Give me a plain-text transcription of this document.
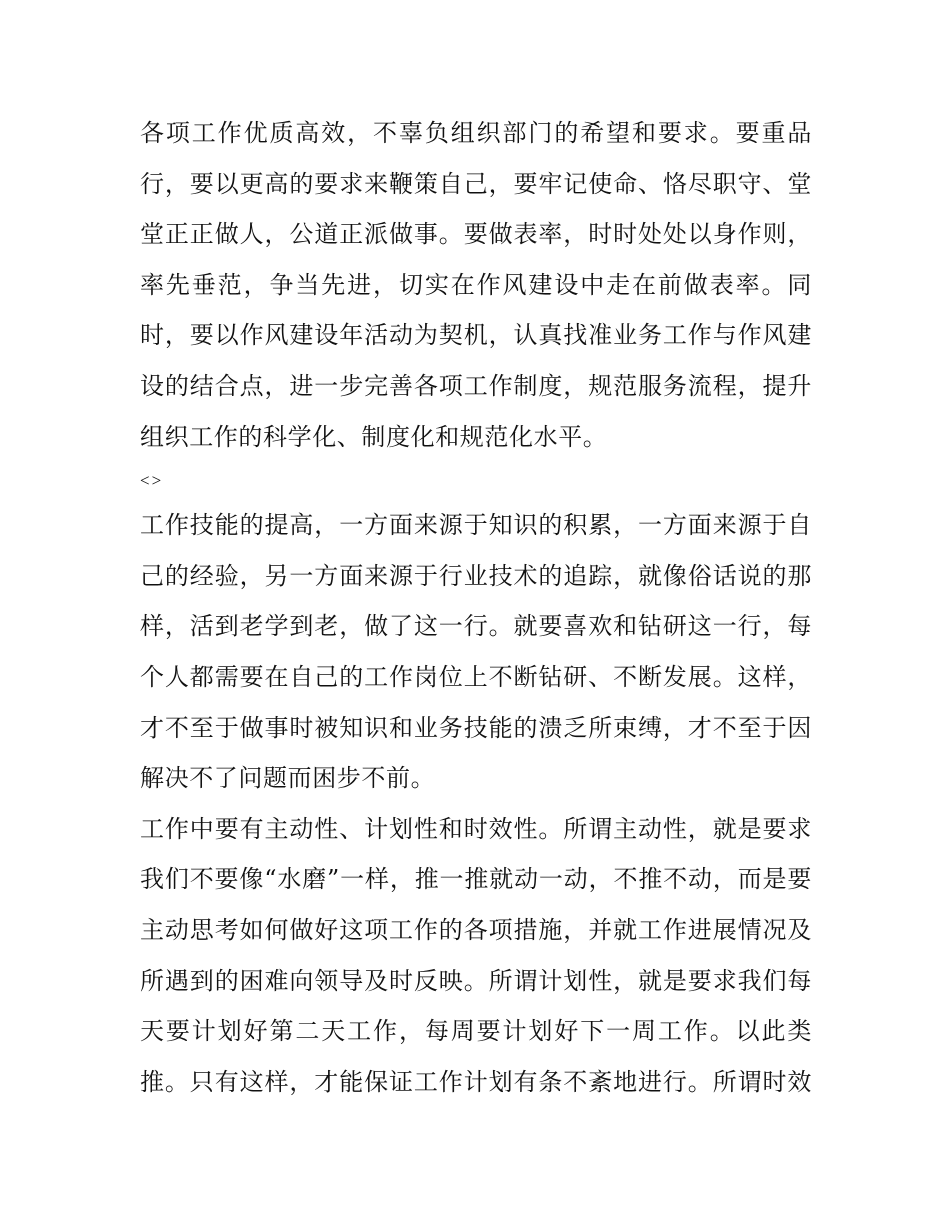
各项工作优质高效，不辜负组织部门的希望和要求。要重品
行，要以更高的要求来鞭策自己，要牢记使命、恪尽职守、堂
堂正正做人，公道正派做事。要做表率，时时处处以身作则，
率先垂范，争当先进，切实在作风建设中走在前做表率。同
时，要以作风建设年活动为契机，认真找准业务工作与作风建
设的结合点，进一步完善各项工作制度，规范服务流程，提升
组织工作的科学化、制度化和规范化水平。
<>
工作技能的提高，一方面来源于知识的积累，一方面来源于自
己的经验，另一方面来源于行业技术的追踪，就像俗话说的那
样，活到老学到老，做了这一行。就要喜欢和钻研这一行，每
个人都需要在自己的工作岗位上不断钻研、不断发展。这样，
才不至于做事时被知识和业务技能的溃乏所束缚，才不至于因
解决不了问题而困步不前。
工作中要有主动性、计划性和时效性。所谓主动性，就是要求
我们不要像“水磨”一样，推一推就动一动，不推不动，而是要
主动思考如何做好这项工作的各项措施，并就工作进展情况及
所遇到的困难向领导及时反映。所谓计划性，就是要求我们每
天要计划好第二天工作，每周要计划好下一周工作。以此类
推。只有这样，才能保证工作计划有条不紊地进行。所谓时效
